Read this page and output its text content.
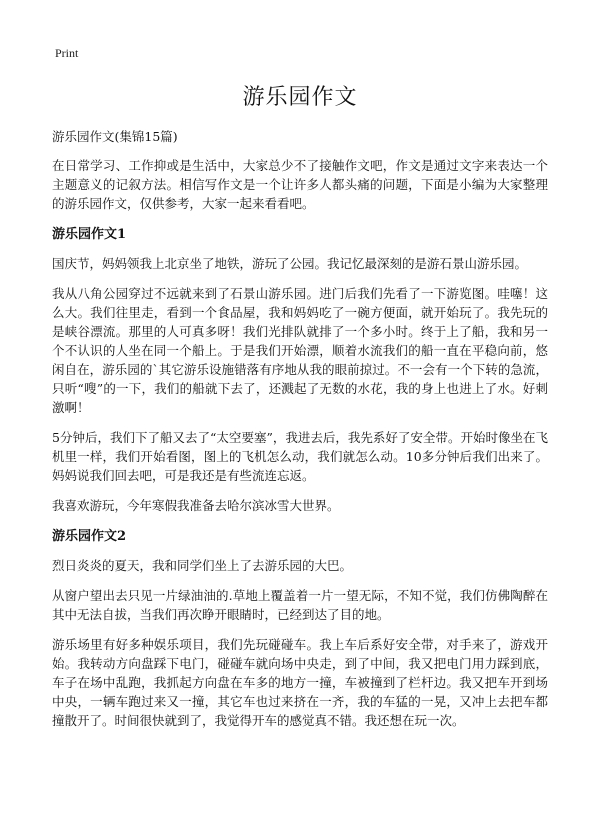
Print
游乐园作文
游乐园作文(集锦15篇)

在日常学习、工作抑或是生活中，大家总少不了接触作文吧，作文是通过文字来表达一个主题意义的记叙方法。相信写作文是一个让许多人都头痛的问题，下面是小编为大家整理的游乐园作文，仅供参考，大家一起来看看吧。

游乐园作文1

国庆节，妈妈领我上北京坐了地铁，游玩了公园。我记忆最深刻的是游石景山游乐园。

我从八角公园穿过不远就来到了石景山游乐园。进门后我们先看了一下游览图。哇噻！这么大。我们往里走，看到一个食品屋，我和妈妈吃了一碗方便面，就开始玩了。我先玩的是峡谷漂流。那里的人可真多呀！我们光排队就排了一个多小时。终于上了船，我和另一个不认识的人坐在同一个船上。于是我们开始漂，顺着水流我们的船一直在平稳向前，悠闲自在，游乐园的`其它游乐设施错落有序地从我的眼前掠过。不一会有一个下转的急流，只听“嗖”的一下，我们的船就下去了，还溅起了无数的水花，我的身上也进上了水。好刺激啊！

5分钟后，我们下了船又去了“太空要塞”，我进去后，我先系好了安全带。开始时像坐在飞机里一样，我们开始看图，图上的飞机怎么动，我们就怎么动。10多分钟后我们出来了。妈妈说我们回去吧，可是我还是有些流连忘返。

我喜欢游玩，今年寒假我准备去哈尔滨冰雪大世界。

游乐园作文2

烈日炎炎的夏天，我和同学们坐上了去游乐园的大巴。

从窗户望出去只见一片绿油油的.草地上覆盖着一片一望无际，不知不觉，我们仿佛陶醉在其中无法自拔，当我们再次睁开眼睛时，已经到达了目的地。

游乐场里有好多种娱乐项目，我们先玩碰碰车。我上车后系好安全带，对手来了，游戏开始。我转动方向盘踩下电门，碰碰车就向场中央走，到了中间，我又把电门用力踩到底，车子在场中乱跑，我抓起方向盘在车多的地方一撞，车被撞到了栏杆边。我又把车开到场中央，一辆车跑过来又一撞，其它车也过来挤在一齐，我的车猛的一晃，又冲上去把车都撞散开了。时间很快就到了，我觉得开车的感觉真不错。我还想在玩一次。
